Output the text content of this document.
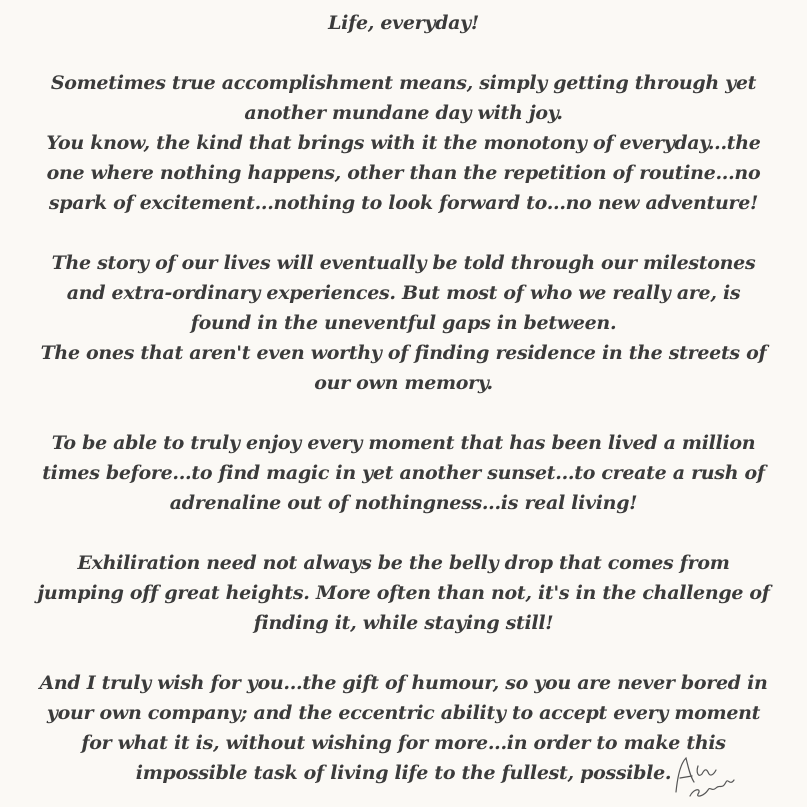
Life, everyday!

Sometimes true accomplishment means, simply getting through yet
another mundane day with joy.
You know, the kind that brings with it the monotony of everyday...the
one where nothing happens, other than the repetition of routine...no
spark of excitement...nothing to look forward to...no new adventure!
The story of our lives will eventually be told through our milestones
and extra-ordinary experiences. But most of who we really are, is
found in the uneventful gaps in between.
The ones that aren't even worthy of finding residence in the streets of
our own memory.
To be able to truly enjoy every moment that has been lived a million
times before...to find magic in yet another sunset...to create a rush of
adrenaline out of nothingness...is real living!
Exhiliration need not always be the belly drop that comes from
jumping off great heights. More often than not, it's in the challenge of
finding it, while staying still!
And I truly wish for you...the gift of humour, so you are never bored in
your own company; and the eccentric ability to accept every moment
for what it is, without wishing for more...in order to make this
impossible task of living life to the fullest, possible.
